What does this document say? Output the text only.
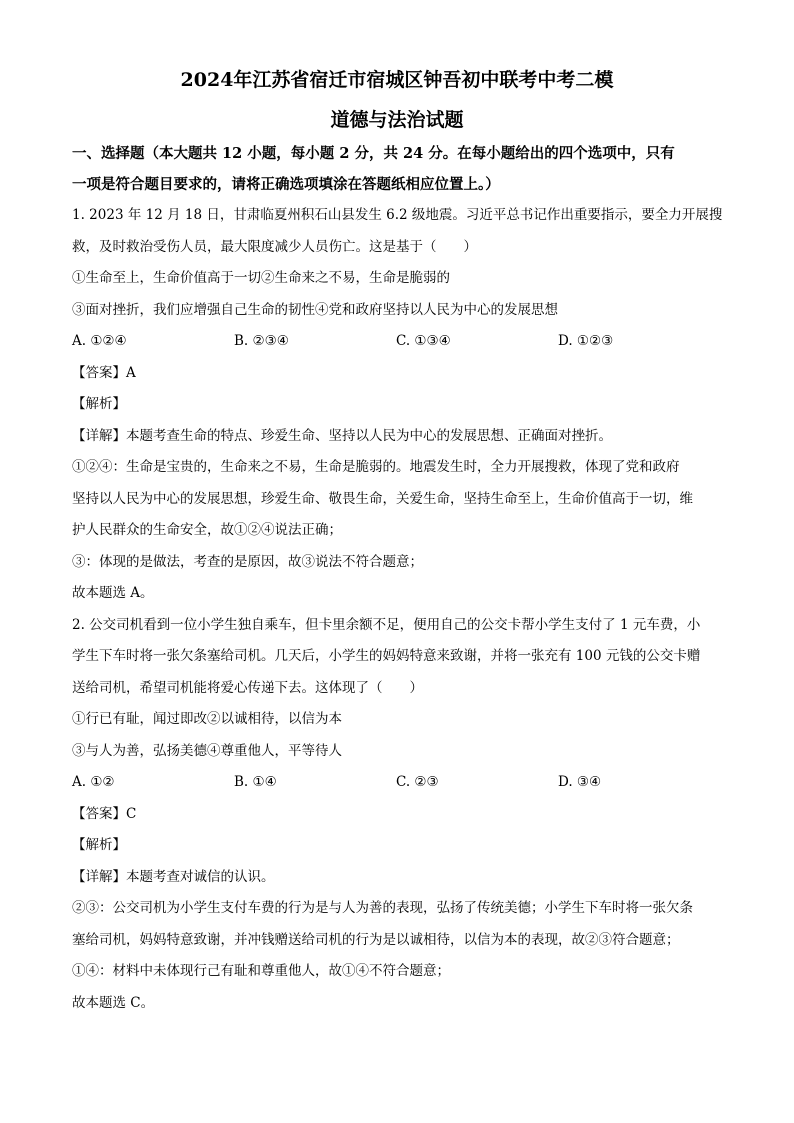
2024年江苏省宿迁市宿城区钟吾初中联考中考二模
道德与法治试题

一、选择题（本大题共 12 小题，每小题 2 分，共 24 分。在每小题给出的四个选项中，只有

一项是符合题目要求的，请将正确选项填涂在答题纸相应位置上。）

1. 2023 年 12 月 18 日，甘肃临夏州积石山县发生 6.2 级地震。习近平总书记作出重要指示，要全力开展搜

救，及时救治受伤人员，最大限度减少人员伤亡。这是基于（　　）

①生命至上，生命价值高于一切②生命来之不易，生命是脆弱的

③面对挫折，我们应增强自己生命的韧性④党和政府坚持以人民为中心的发展思想

A. ①②④	B. ②③④	C. ①③④	D. ①②③

【答案】A

【解析】

【详解】本题考查生命的特点、珍爱生命、坚持以人民为中心的发展思想、正确面对挫折。

①②④：生命是宝贵的，生命来之不易，生命是脆弱的。地震发生时，全力开展搜救，体现了党和政府

坚持以人民为中心的发展思想，珍爱生命、敬畏生命，关爱生命，坚持生命至上，生命价值高于一切，维

护人民群众的生命安全，故①②④说法正确；

③：体现的是做法，考查的是原因，故③说法不符合题意；

故本题选 A。

2. 公交司机看到一位小学生独自乘车，但卡里余额不足，便用自己的公交卡帮小学生支付了 1 元车费，小

学生下车时将一张欠条塞给司机。几天后，小学生的妈妈特意来致谢，并将一张充有 100 元钱的公交卡赠

送给司机，希望司机能将爱心传递下去。这体现了（　　）

①行已有耻，闻过即改②以诚相待，以信为本

③与人为善，弘扬美德④尊重他人，平等待人

A. ①②	B. ①④	C. ②③	D. ③④

【答案】C

【解析】

【详解】本题考查对诚信的认识。

②③：公交司机为小学生支付车费的行为是与人为善的表现，弘扬了传统美德；小学生下车时将一张欠条

塞给司机，妈妈特意致谢，并冲钱赠送给司机的行为是以诚相待，以信为本的表现，故②③符合题意；

①④：材料中未体现行己有耻和尊重他人，故①④不符合题意；

故本题选 C。
